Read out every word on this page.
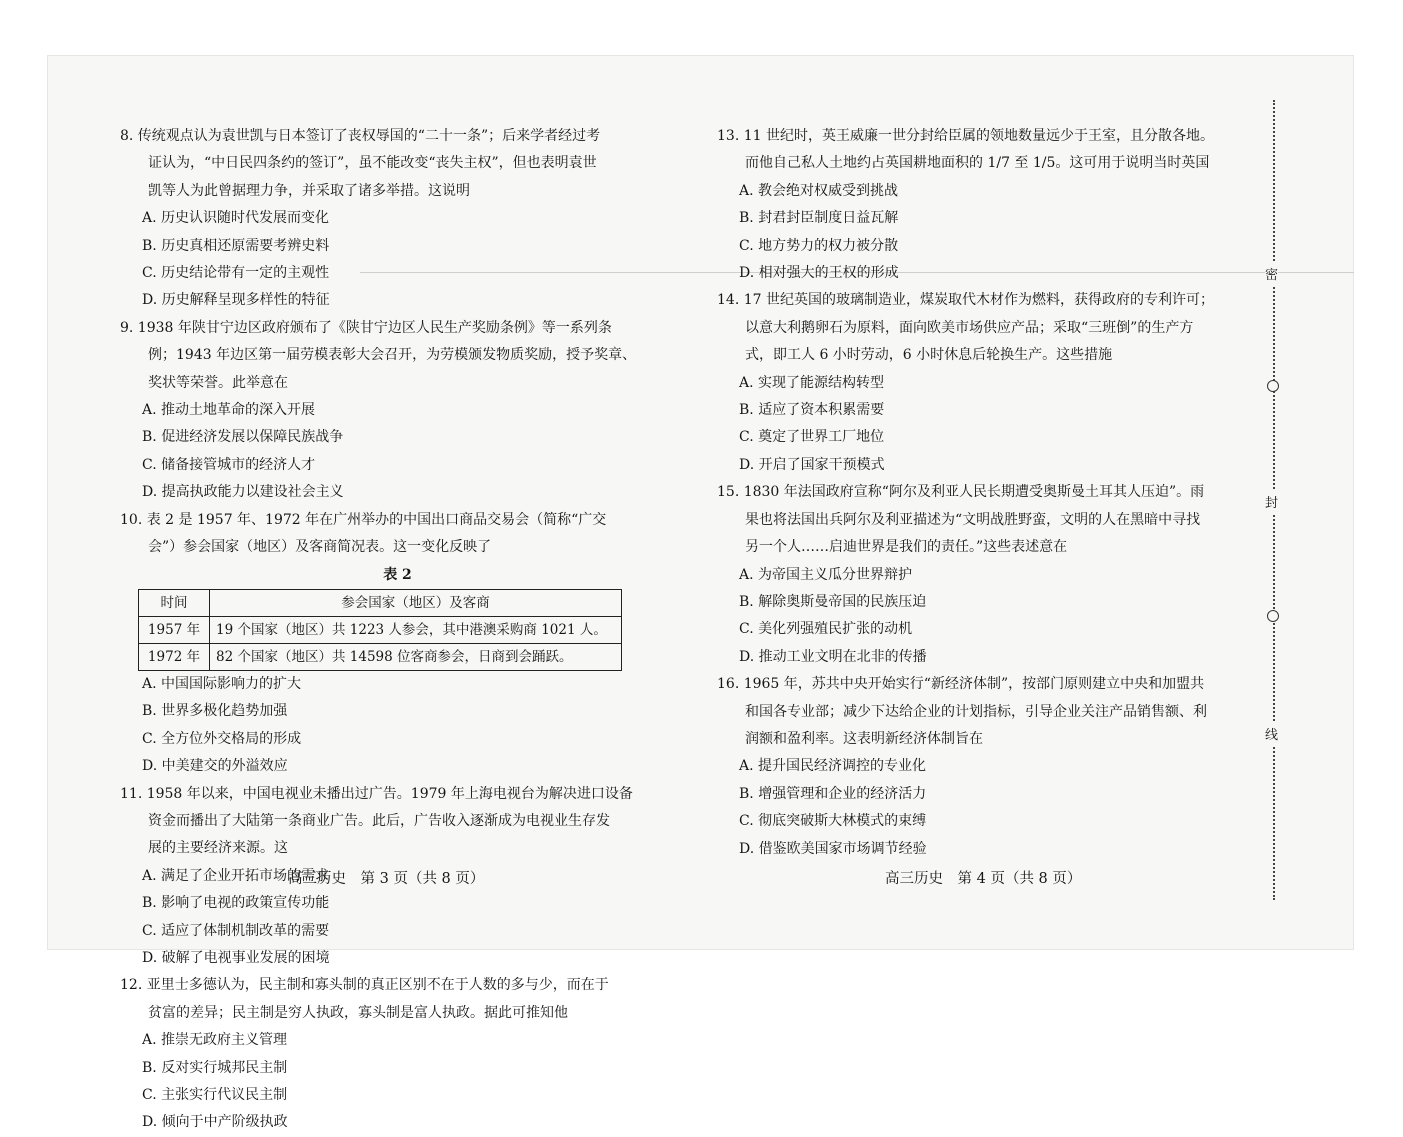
8. 传统观点认为袁世凯与日本签订了丧权辱国的“二十一条”；后来学者经过考
证认为，“中日民四条约的签订”，虽不能改变“丧失主权”，但也表明袁世
凯等人为此曾据理力争，并采取了诸多举措。这说明
A. 历史认识随时代发展而变化
B. 历史真相还原需要考辨史料
C. 历史结论带有一定的主观性
D. 历史解释呈现多样性的特征
9. 1938 年陕甘宁边区政府颁布了《陕甘宁边区人民生产奖励条例》等一系列条
例；1943 年边区第一届劳模表彰大会召开，为劳模颁发物质奖励，授予奖章、
奖状等荣誉。此举意在
A. 推动土地革命的深入开展
B. 促进经济发展以保障民族战争
C. 储备接管城市的经济人才
D. 提高执政能力以建设社会主义
10. 表 2 是 1957 年、1972 年在广州举办的中国出口商品交易会（简称“广交
会”）参会国家（地区）及客商简况表。这一变化反映了
表 2
时间	参会国家（地区）及客商
1957 年	19 个国家（地区）共 1223 人参会，其中港澳采购商 1021 人。
1972 年	82 个国家（地区）共 14598 位客商参会，日商到会踊跃。
A. 中国国际影响力的扩大
B. 世界多极化趋势加强
C. 全方位外交格局的形成
D. 中美建交的外溢效应
11. 1958 年以来，中国电视业未播出过广告。1979 年上海电视台为解决进口设备
资金而播出了大陆第一条商业广告。此后，广告收入逐渐成为电视业生存发
展的主要经济来源。这
A. 满足了企业开拓市场的需求
B. 影响了电视的政策宣传功能
C. 适应了体制机制改革的需要
D. 破解了电视事业发展的困境
12. 亚里士多德认为，民主制和寡头制的真正区别不在于人数的多与少，而在于
贫富的差异；民主制是穷人执政，寡头制是富人执政。据此可推知他
A. 推崇无政府主义管理
B. 反对实行城邦民主制
C. 主张实行代议民主制
D. 倾向于中产阶级执政
高三历史　第 3 页（共 8 页）
13. 11 世纪时，英王威廉一世分封给臣属的领地数量远少于王室，且分散各地。
而他自己私人土地约占英国耕地面积的 1/7 至 1/5。这可用于说明当时英国
A. 教会绝对权威受到挑战
B. 封君封臣制度日益瓦解
C. 地方势力的权力被分散
D. 相对强大的王权的形成
14. 17 世纪英国的玻璃制造业，煤炭取代木材作为燃料，获得政府的专利许可；
以意大利鹅卵石为原料，面向欧美市场供应产品；采取“三班倒”的生产方
式，即工人 6 小时劳动，6 小时休息后轮换生产。这些措施
A. 实现了能源结构转型
B. 适应了资本积累需要
C. 奠定了世界工厂地位
D. 开启了国家干预模式
15. 1830 年法国政府宣称“阿尔及利亚人民长期遭受奥斯曼土耳其人压迫”。雨
果也将法国出兵阿尔及利亚描述为“文明战胜野蛮，文明的人在黑暗中寻找
另一个人……启迪世界是我们的责任。”这些表述意在
A. 为帝国主义瓜分世界辩护
B. 解除奥斯曼帝国的民族压迫
C. 美化列强殖民扩张的动机
D. 推动工业文明在北非的传播
16. 1965 年，苏共中央开始实行“新经济体制”，按部门原则建立中央和加盟共
和国各专业部；减少下达给企业的计划指标，引导企业关注产品销售额、利
润额和盈利率。这表明新经济体制旨在
A. 提升国民经济调控的专业化
B. 增强管理和企业的经济活力
C. 彻底突破斯大林模式的束缚
D. 借鉴欧美国家市场调节经验
高三历史　第 4 页（共 8 页）
密
封
线
